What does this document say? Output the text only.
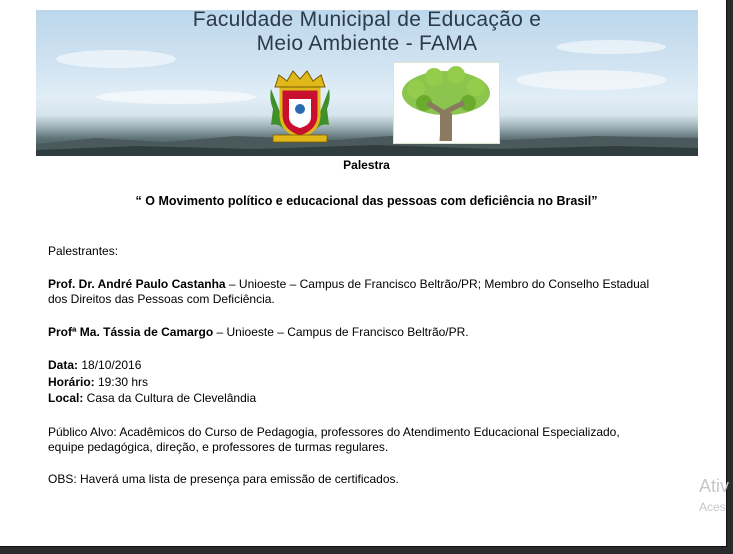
Faculdade Municipal de Educação e
Meio Ambiente - FAMA
Palestra
“ O Movimento político e educacional das pessoas com deficiência no Brasil”
Palestrantes:
Prof. Dr. André Paulo Castanha – Unioeste – Campus de Francisco Beltrão/PR; Membro do Conselho Estadual
dos Direitos das Pessoas com Deficiência.
Profª Ma. Tássia de Camargo – Unioeste – Campus de Francisco Beltrão/PR.
Data: 18/10/2016
Horário: 19:30 hrs
Local: Casa da Cultura de Clevelândia
Público Alvo: Acadêmicos do Curso de Pedagogia, professores do Atendimento Educacional Especializado,
equipe pedagógica, direção, e professores de turmas regulares.
OBS: Haverá uma lista de presença para emissão de certificados.	Ativ
Aces
